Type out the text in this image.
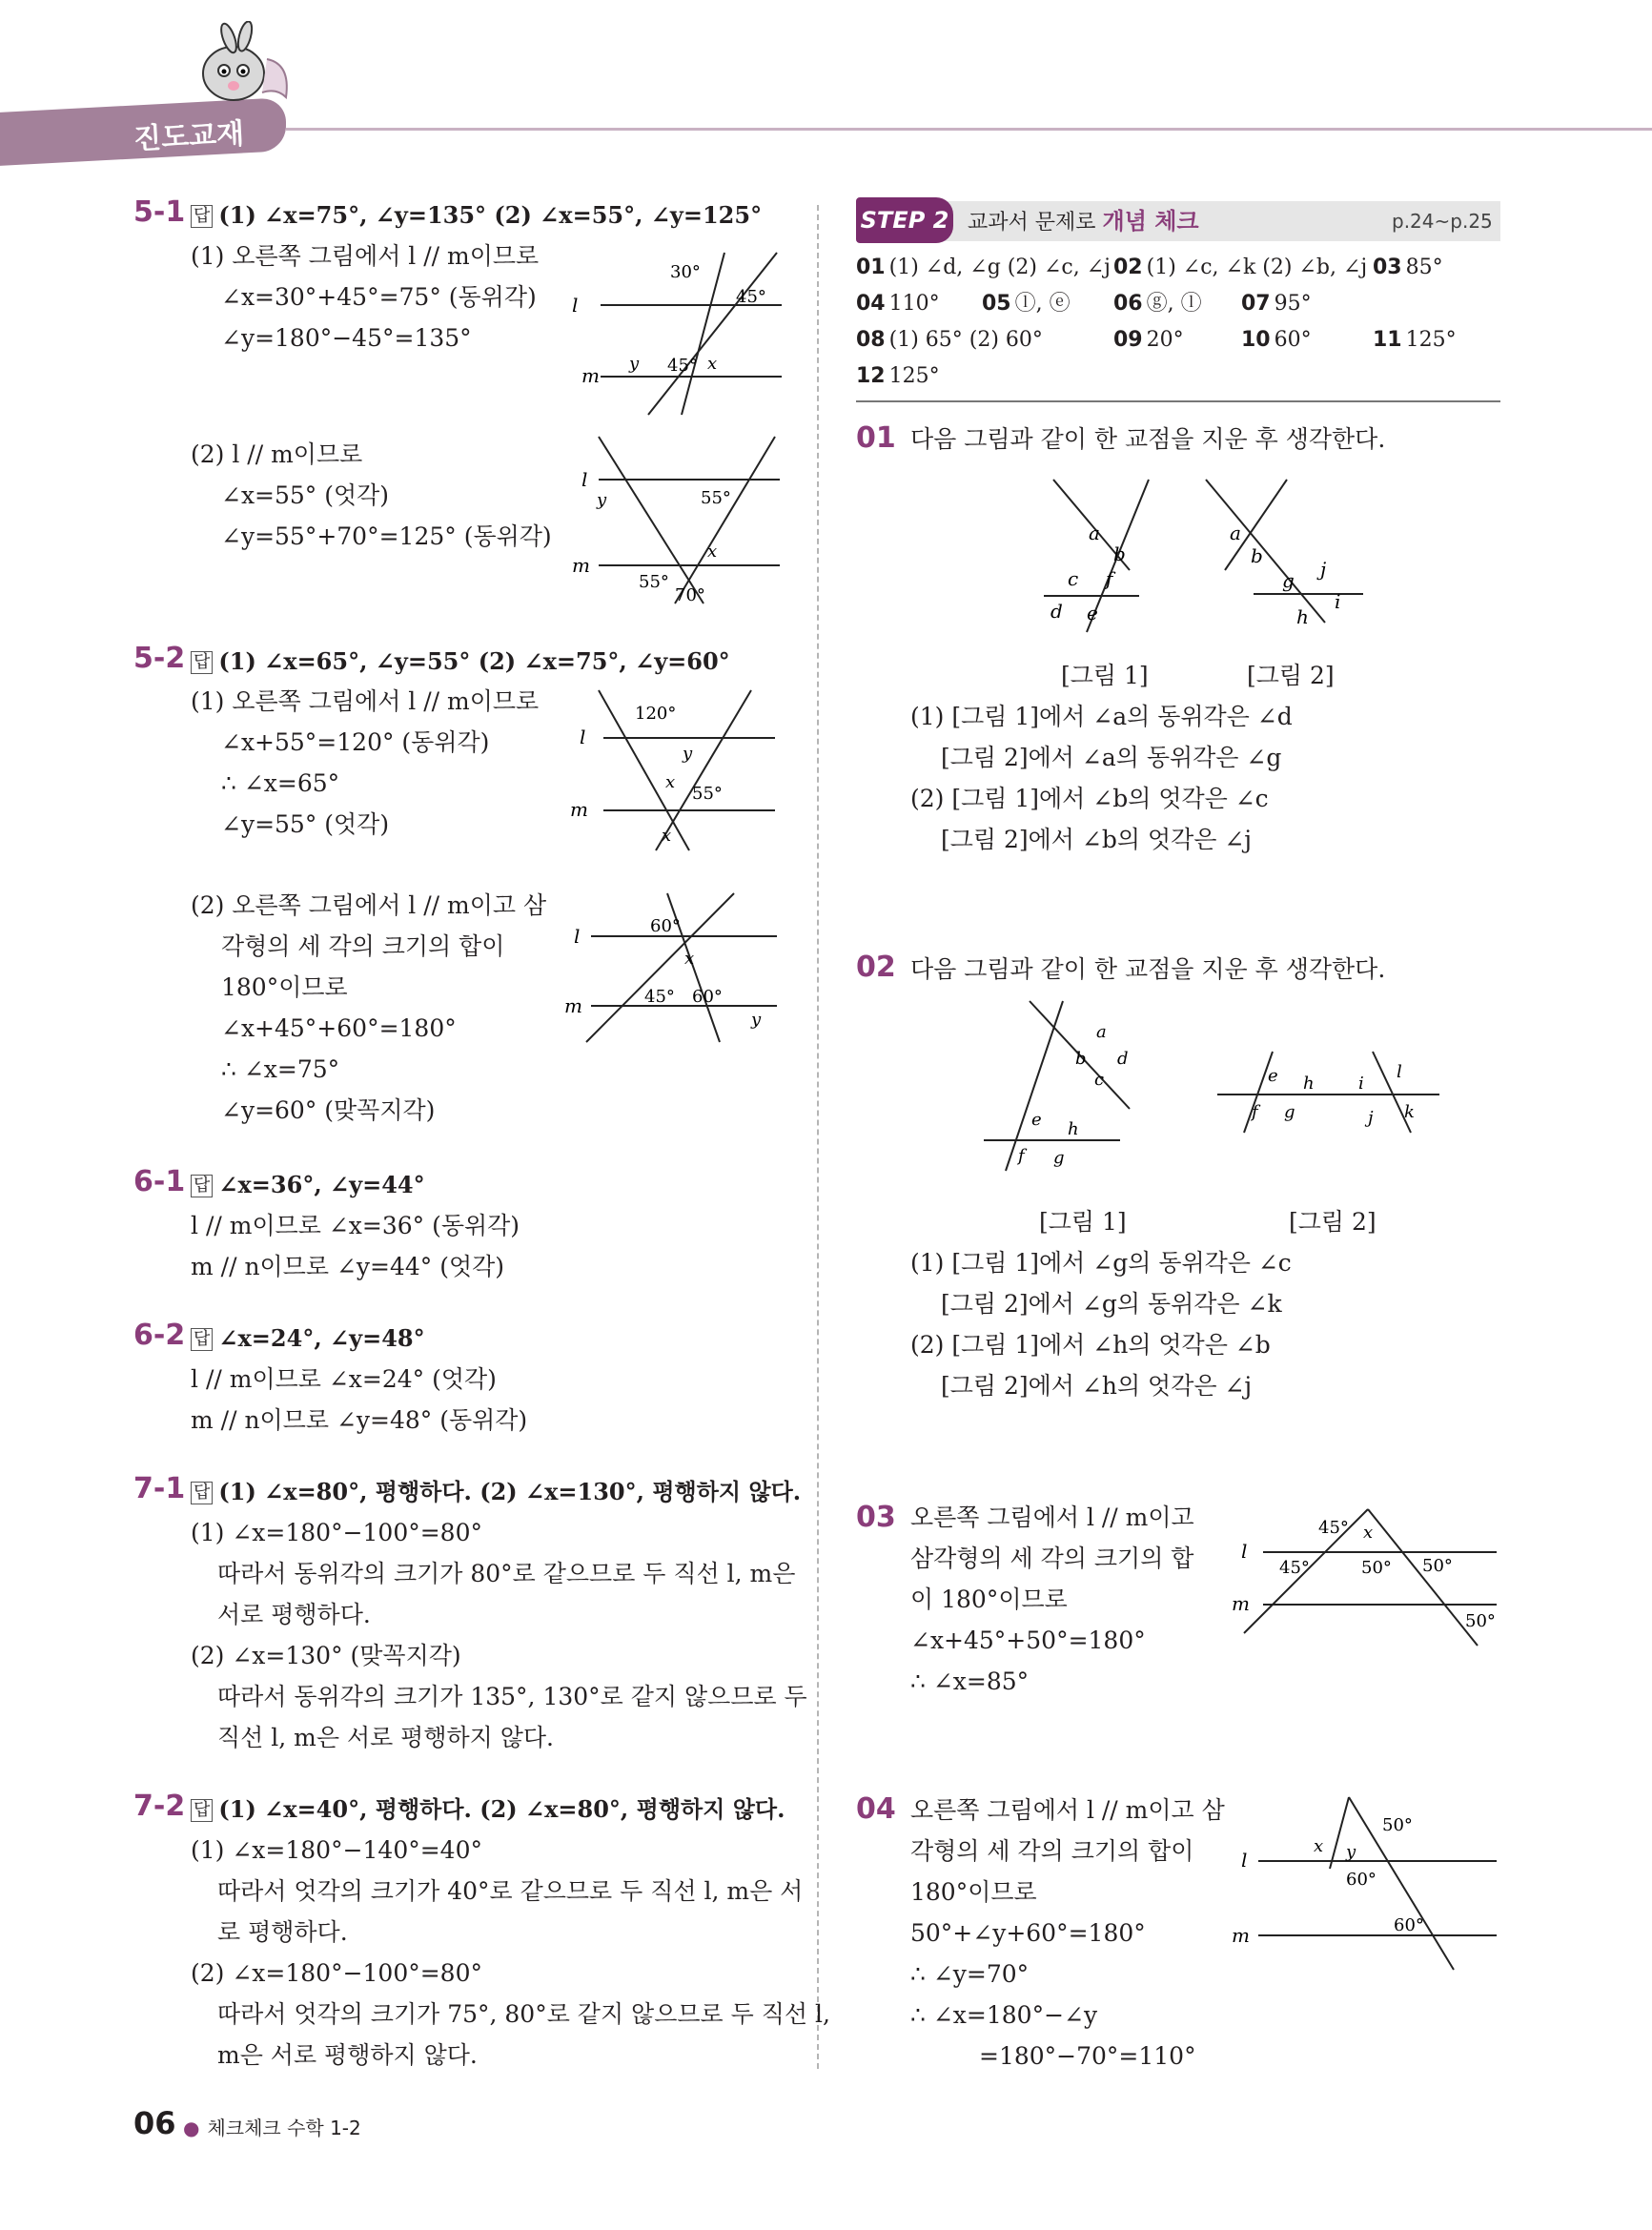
진도교재
5-1 답 (1) ∠x=75°, ∠y=135° (2) ∠x=55°, ∠y=125°
(1) 오른쪽 그림에서 l // m이므로
∠x=30°+45°=75° (동위각)
∠y=180°−45°=135°
(2) l // m이므로
∠x=55° (엇각)
∠y=55°+70°=125° (동위각)
l
m
30°
45°
45° x
y
l
m
y	55°
x
55°
70°
5-2 답 (1) ∠x=65°, ∠y=55° (2) ∠x=75°, ∠y=60°
(1) 오른쪽 그림에서 l // m이므로
∠x+55°=120° (동위각)
∴ ∠x=65°
∠y=55° (엇각)
(2) 오른쪽 그림에서 l // m이고 삼
각형의 세 각의 크기의 합이
180°이므로
∠x+45°+60°=180°
∴ ∠x=75°
∠y=60° (맞꼭지각)
l
m
120°
y
x
55°
x
l
m
60°
x
45° 60°
y
6-1 답 ∠x=36°, ∠y=44°
l // m이므로 ∠x=36° (동위각)
m // n이므로 ∠y=44° (엇각)
6-2 답 ∠x=24°, ∠y=48°
l // m이므로 ∠x=24° (엇각)
m // n이므로 ∠y=48° (동위각)
7-1 답 (1) ∠x=80°, 평행하다. (2) ∠x=130°, 평행하지 않다.
(1) ∠x=180°−100°=80°
따라서 동위각의 크기가 80°로 같으므로 두 직선 l, m은
서로 평행하다.
(2) ∠x=130° (맞꼭지각)
따라서 동위각의 크기가 135°, 130°로 같지 않으므로 두
직선 l, m은 서로 평행하지 않다.
7-2 답 (1) ∠x=40°, 평행하다. (2) ∠x=80°, 평행하지 않다.
(1) ∠x=180°−140°=40°
따라서 엇각의 크기가 40°로 같으므로 두 직선 l, m은 서
로 평행하다.
(2) ∠x=180°−100°=80°
따라서 엇각의 크기가 75°, 80°로 같지 않으므로 두 직선 l,
m은 서로 평행하지 않다.
STEP 2 교과서 문제로 개념 체크	p.24~p.25
01 (1) ∠d, ∠g (2) ∠c, ∠j 02 (1) ∠c, ∠k (2) ∠b, ∠j 03 85°
04 110° 05 ⓛ, ⓔ 06 ⓖ, ⓛ 07 95°
08 (1) 65° (2) 60°	09 20°	10 60°	11 125°
12 125°
01 다음 그림과 같이 한 교점을 지운 후 생각한다.
a
b
c f
d e
a
b
g j
h
i
[그림 1]	[그림 2]
(1) [그림 1]에서 ∠a의 동위각은 ∠d
[그림 2]에서 ∠a의 동위각은 ∠g
(2) [그림 1]에서 ∠b의 엇각은 ∠c
[그림 2]에서 ∠b의 엇각은 ∠j
02 다음 그림과 같이 한 교점을 지운 후 생각한다.
a
b d
c
e h
f g
e h
f g
i
l
j k
[그림 1]	[그림 2]
(1) [그림 1]에서 ∠g의 동위각은 ∠c
[그림 2]에서 ∠g의 동위각은 ∠k
(2) [그림 1]에서 ∠h의 엇각은 ∠b
[그림 2]에서 ∠h의 엇각은 ∠j
03 오른쪽 그림에서 l // m이고
삼각형의 세 각의 크기의 합
이 180°이므로
∠x+45°+50°=180°
∴ ∠x=85°
l
m
45° x
45°	50° 50°
50°
04 오른쪽 그림에서 l // m이고 삼
각형의 세 각의 크기의 합이
180°이므로
50°+∠y+60°=180°
∴ ∠y=70°
∴ ∠x=180°−∠y
=180°−70°=110°
l
m
50°
x y
60°
60°
06 ● 체크체크 수학 1-2
